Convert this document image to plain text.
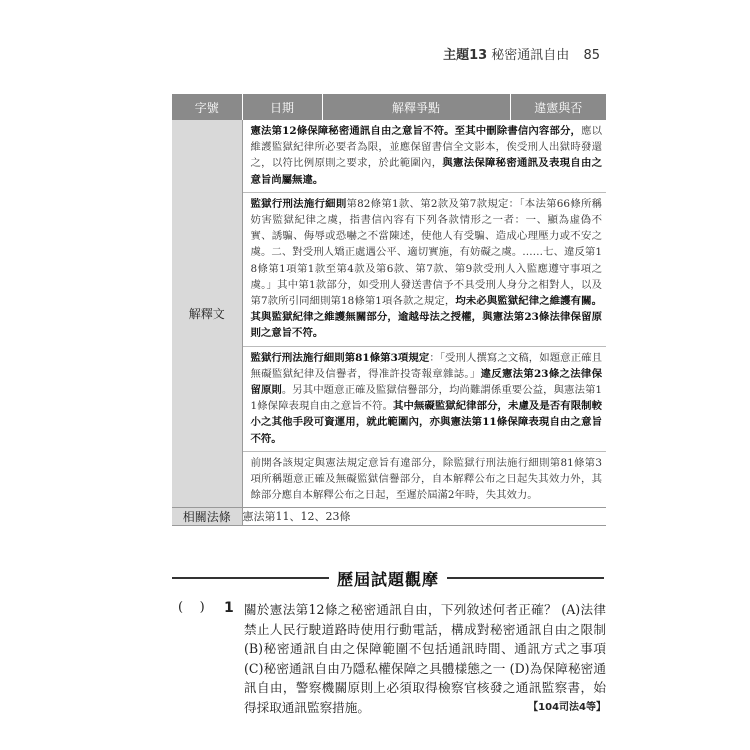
主題13 秘密通訊自由 85
字號	日期	解釋爭點	違憲與否
解釋文	憲法第12條保障秘密通訊自由之意旨不符。至其中刪除書信內容部分，應以維護監獄紀律所必要者為限，並應保留書信全文影本，俟受刑人出獄時發還之，以符比例原則之要求，於此範圍內，與憲法保障秘密通訊及表現自由之意旨尚屬無違。
監獄行刑法施行細則第82條第1款、第2款及第7款規定：「本法第66條所稱妨害監獄紀律之虞，指書信內容有下列各款情形之一者：一、顯為虛偽不實、誘騙、侮辱或恐嚇之不當陳述，使他人有受騙、造成心理壓力或不安之虞。二、對受刑人矯正處遇公平、適切實施，有妨礙之虞。……七、違反第18條第1項第1款至第4款及第6款、第7款、第9款受刑人入監應遵守事項之虞。」其中第1款部分，如受刑人發送書信予不具受刑人身分之相對人，以及第7款所引同細則第18條第1項各款之規定，均未必與監獄紀律之維護有關。其與監獄紀律之維護無關部分，逾越母法之授權，與憲法第23條法律保留原則之意旨不符。
監獄行刑法施行細則第81條第3項規定：「受刑人撰寫之文稿，如題意正確且無礙監獄紀律及信譽者，得准許投寄報章雜誌。」違反憲法第23條之法律保留原則。另其中題意正確及監獄信譽部分，均尚難謂係重要公益，與憲法第11條保障表現自由之意旨不符。其中無礙監獄紀律部分，未慮及是否有限制較小之其他手段可資運用，就此範圍內，亦與憲法第11條保障表現自由之意旨不符。
前開各該規定與憲法規定意旨有違部分，除監獄行刑法施行細則第81條第3項所稱題意正確及無礙監獄信譽部分，自本解釋公布之日起失其效力外，其餘部分應自本解釋公布之日起，至遲於屆滿2年時，失其效力。		

相關法條	憲法第11、12、23條		
歷屆試題觀摩
(    ) 1 關於憲法第12條之秘密通訊自由，下列敘述何者正確？ (A)法律禁止人民行駛道路時使用行動電話，構成對秘密通訊自由之限制 (B)秘密通訊自由之保障範圍不包括通訊時間、通訊方式之事項 (C)秘密通訊自由乃隱私權保障之具體樣態之一 (D)為保障秘密通訊自由，警察機關原則上必須取得檢察官核發之通訊監察書，始得採取通訊監察措施。	【104司法4等】
